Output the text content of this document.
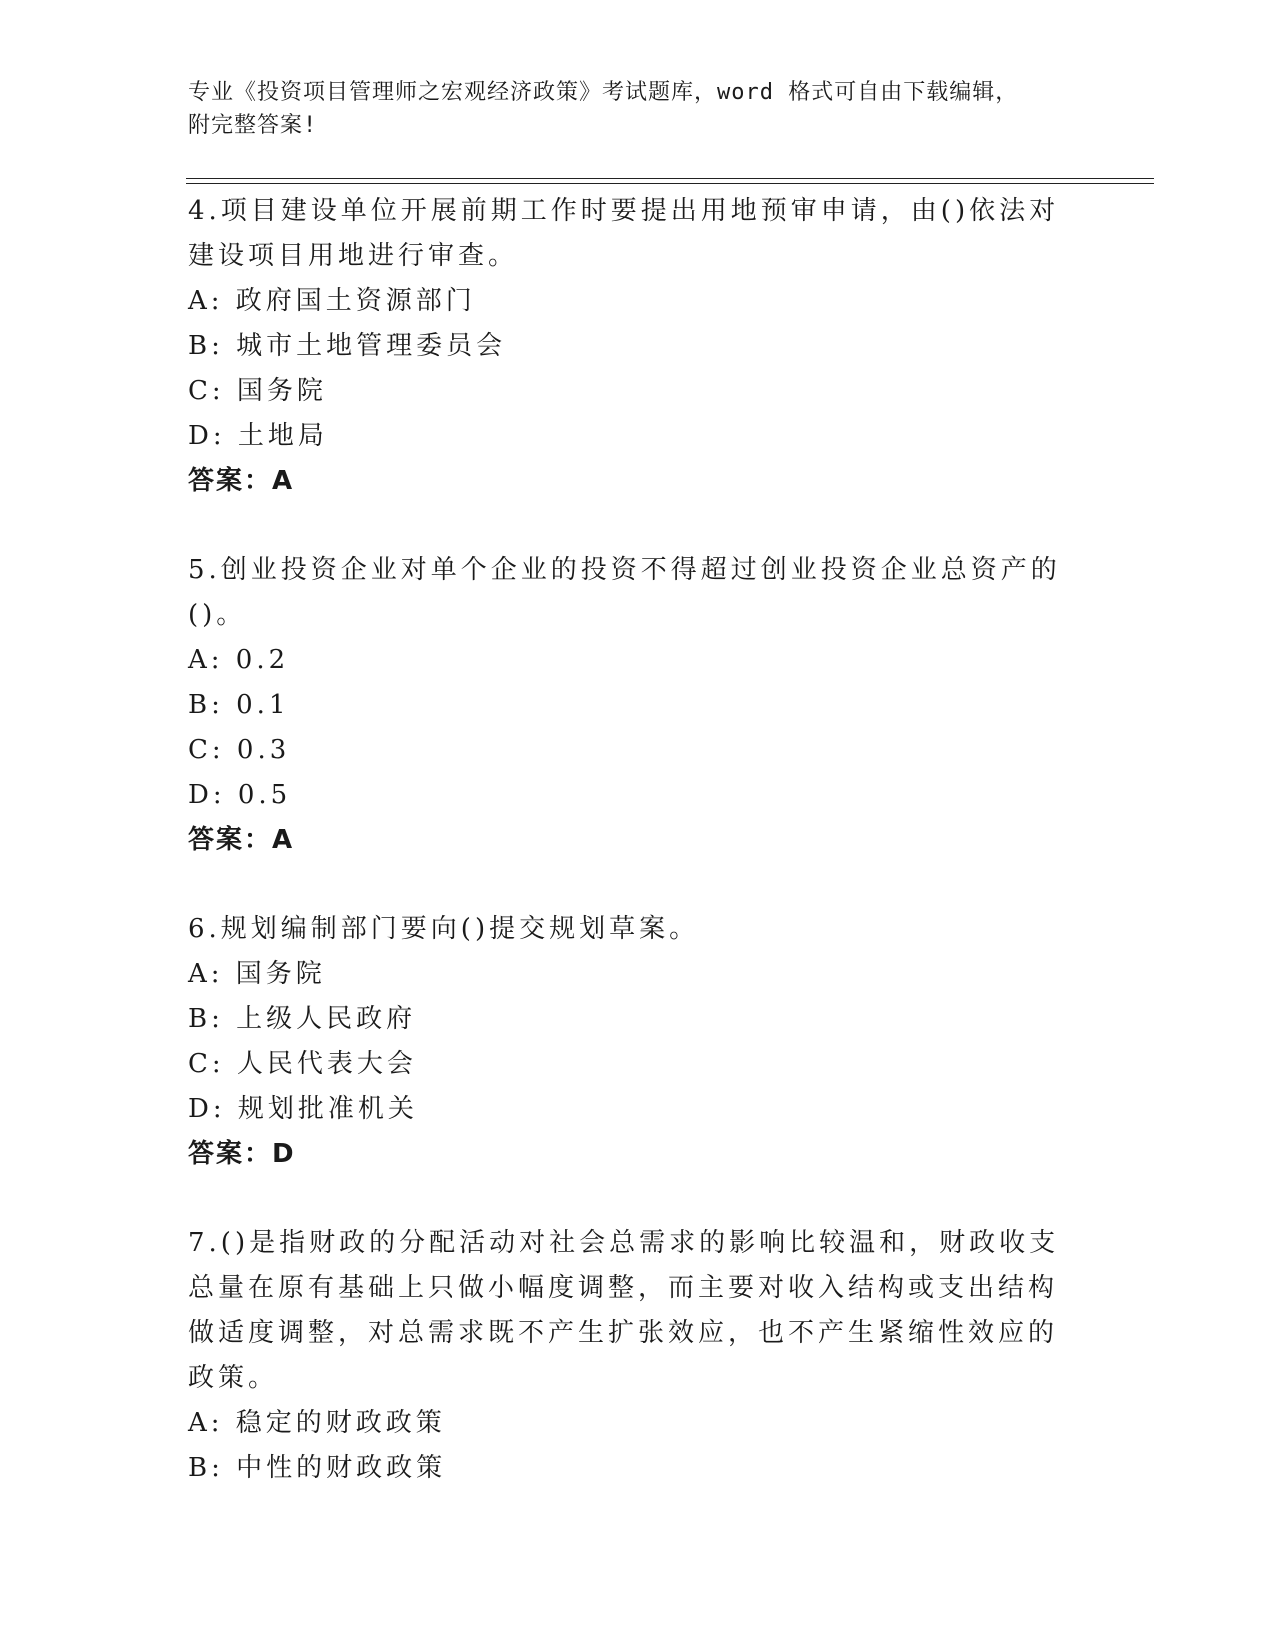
专业《投资项目管理师之宏观经济政策》考试题库，word 格式可自由下载编辑，
附完整答案!
4.项目建设单位开展前期工作时要提出用地预审申请，由()依法对建设项目用地进行审查。
A: 政府国土资源部门
B: 城市土地管理委员会
C: 国务院
D: 土地局
答案：A
5.创业投资企业对单个企业的投资不得超过创业投资企业总资产的()。
A: 0.2
B: 0.1
C: 0.3
D: 0.5
答案：A
6.规划编制部门要向()提交规划草案。
A: 国务院
B: 上级人民政府
C: 人民代表大会
D: 规划批准机关
答案：D
7.()是指财政的分配活动对社会总需求的影响比较温和，财政收支总量在原有基础上只做小幅度调整，而主要对收入结构或支出结构做适度调整，对总需求既不产生扩张效应，也不产生紧缩性效应的政策。
A: 稳定的财政政策
B: 中性的财政政策
